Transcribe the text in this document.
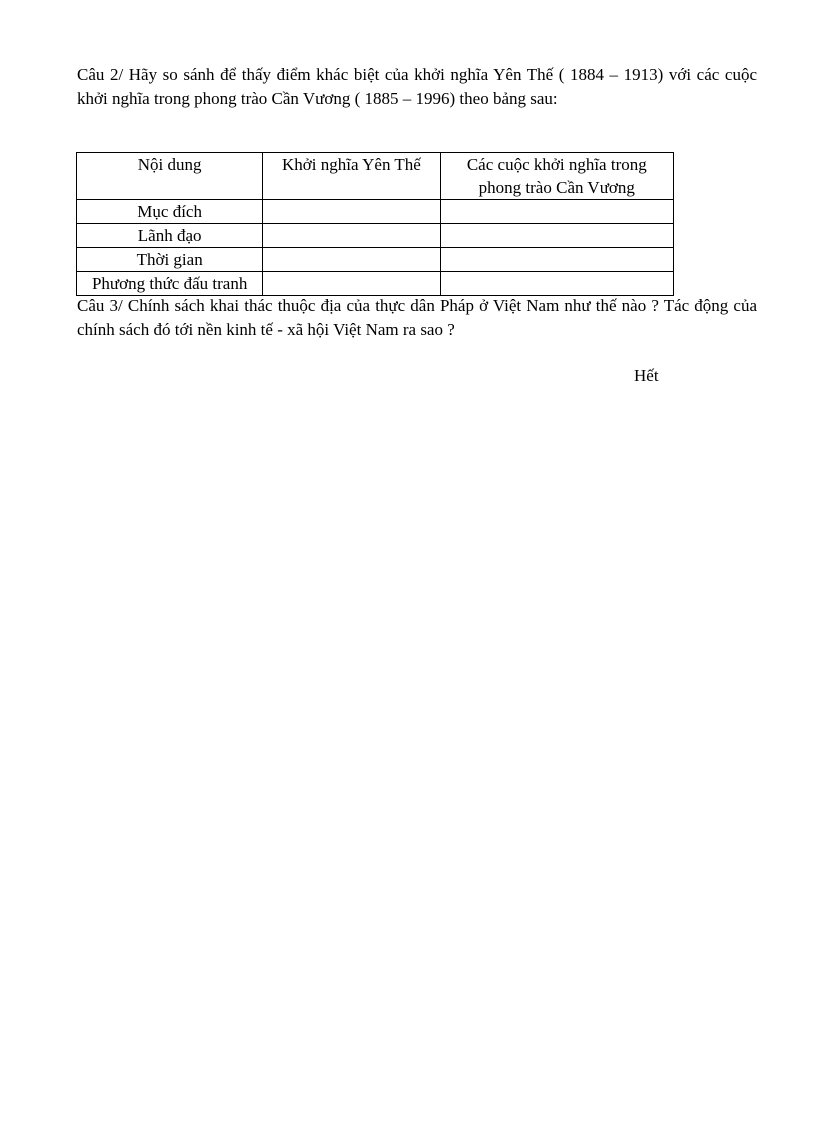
Câu 2/ Hãy so sánh để thấy điểm khác biệt của khởi nghĩa Yên Thế ( 1884 – 1913) với các cuộc khởi nghĩa trong phong trào Cần Vương ( 1885 – 1996) theo bảng sau:

Nội dung	Khởi nghĩa Yên Thế	Các cuộc khởi nghĩa trong phong trào Cần Vương
Mục đích		
Lãnh đạo		
Thời gian		
Phương thức đấu tranh		

Câu 3/ Chính sách khai thác thuộc địa của thực dân Pháp ở Việt Nam như thế nào ? Tác động của chính sách đó tới nền kinh tế - xã hội Việt Nam ra sao ?

Hết
